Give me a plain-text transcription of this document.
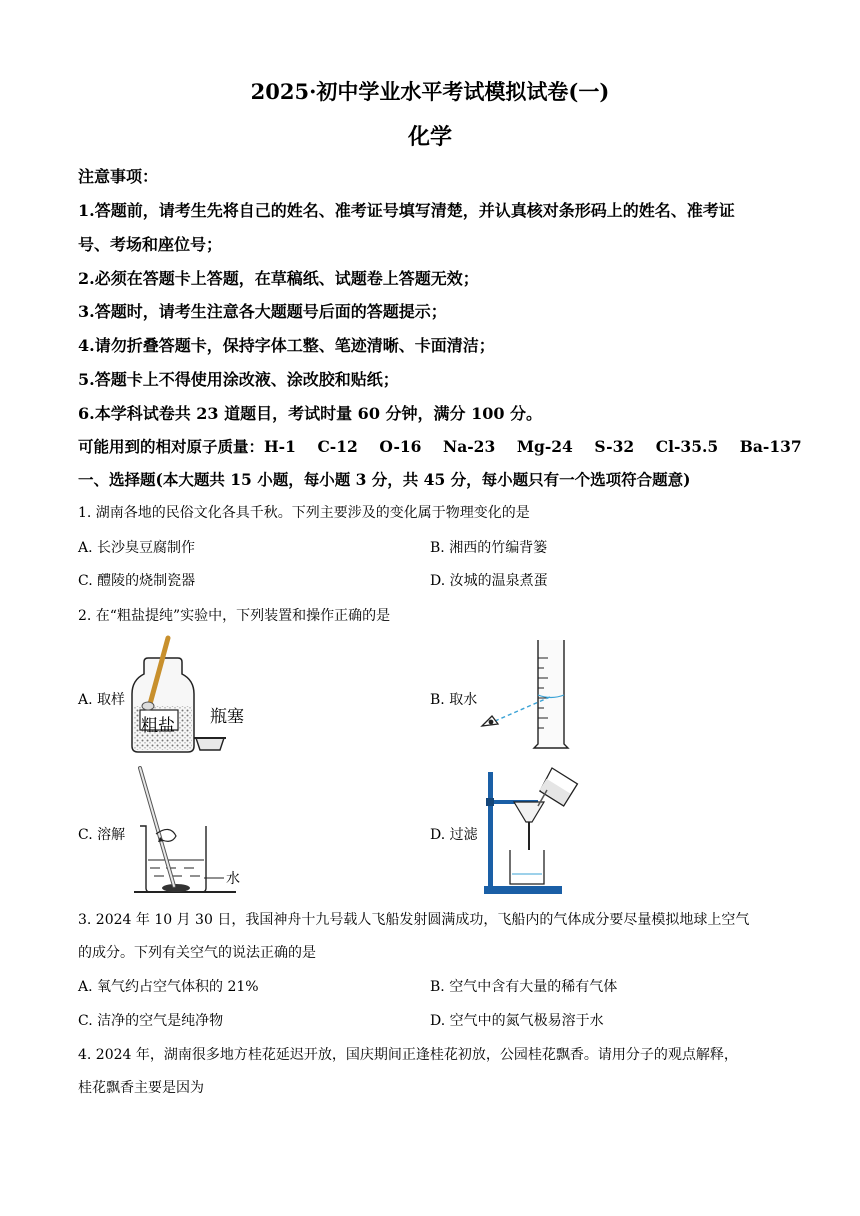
2025·初中学业水平考试模拟试卷(一)
化学
注意事项：
1.答题前，请考生先将自己的姓名、准考证号填写清楚，并认真核对条形码上的姓名、准考证
号、考场和座位号；
2.必须在答题卡上答题，在草稿纸、试题卷上答题无效；
3.答题时，请考生注意各大题题号后面的答题提示；
4.请勿折叠答题卡，保持字体工整、笔迹清晰、卡面清洁；
5.答题卡上不得使用涂改液、涂改胶和贴纸；
6.本学科试卷共 23 道题目，考试时量 60 分钟，满分 100 分。
可能用到的相对原子质量：H-1    C-12    O-16    Na-23    Mg-24    S-32    Cl-35.5    Ba-137
一、选择题(本大题共 15 小题，每小题 3 分，共 45 分，每小题只有一个选项符合题意)
1. 湖南各地的民俗文化各具千秋。下列主要涉及的变化属于物理变化的是
A. 长沙臭豆腐制作	B. 湘西的竹编背篓
C. 醴陵的烧制瓷器	D. 汝城的温泉煮蛋
2. 在“粗盐提纯”实验中，下列装置和操作正确的是
A. 取样
粗盐 瓶塞
B. 取水
C. 溶解
水
D. 过滤
3. 2024 年 10 月 30 日，我国神舟十九号载人飞船发射圆满成功，飞船内的气体成分要尽量模拟地球上空气
的成分。下列有关空气的说法正确的是
A. 氧气约占空气体积的 21%	B. 空气中含有大量的稀有气体
C. 洁净的空气是纯净物	D. 空气中的氮气极易溶于水
4. 2024 年，湖南很多地方桂花延迟开放，国庆期间正逢桂花初放，公园桂花飘香。请用分子的观点解释，
桂花飘香主要是因为
